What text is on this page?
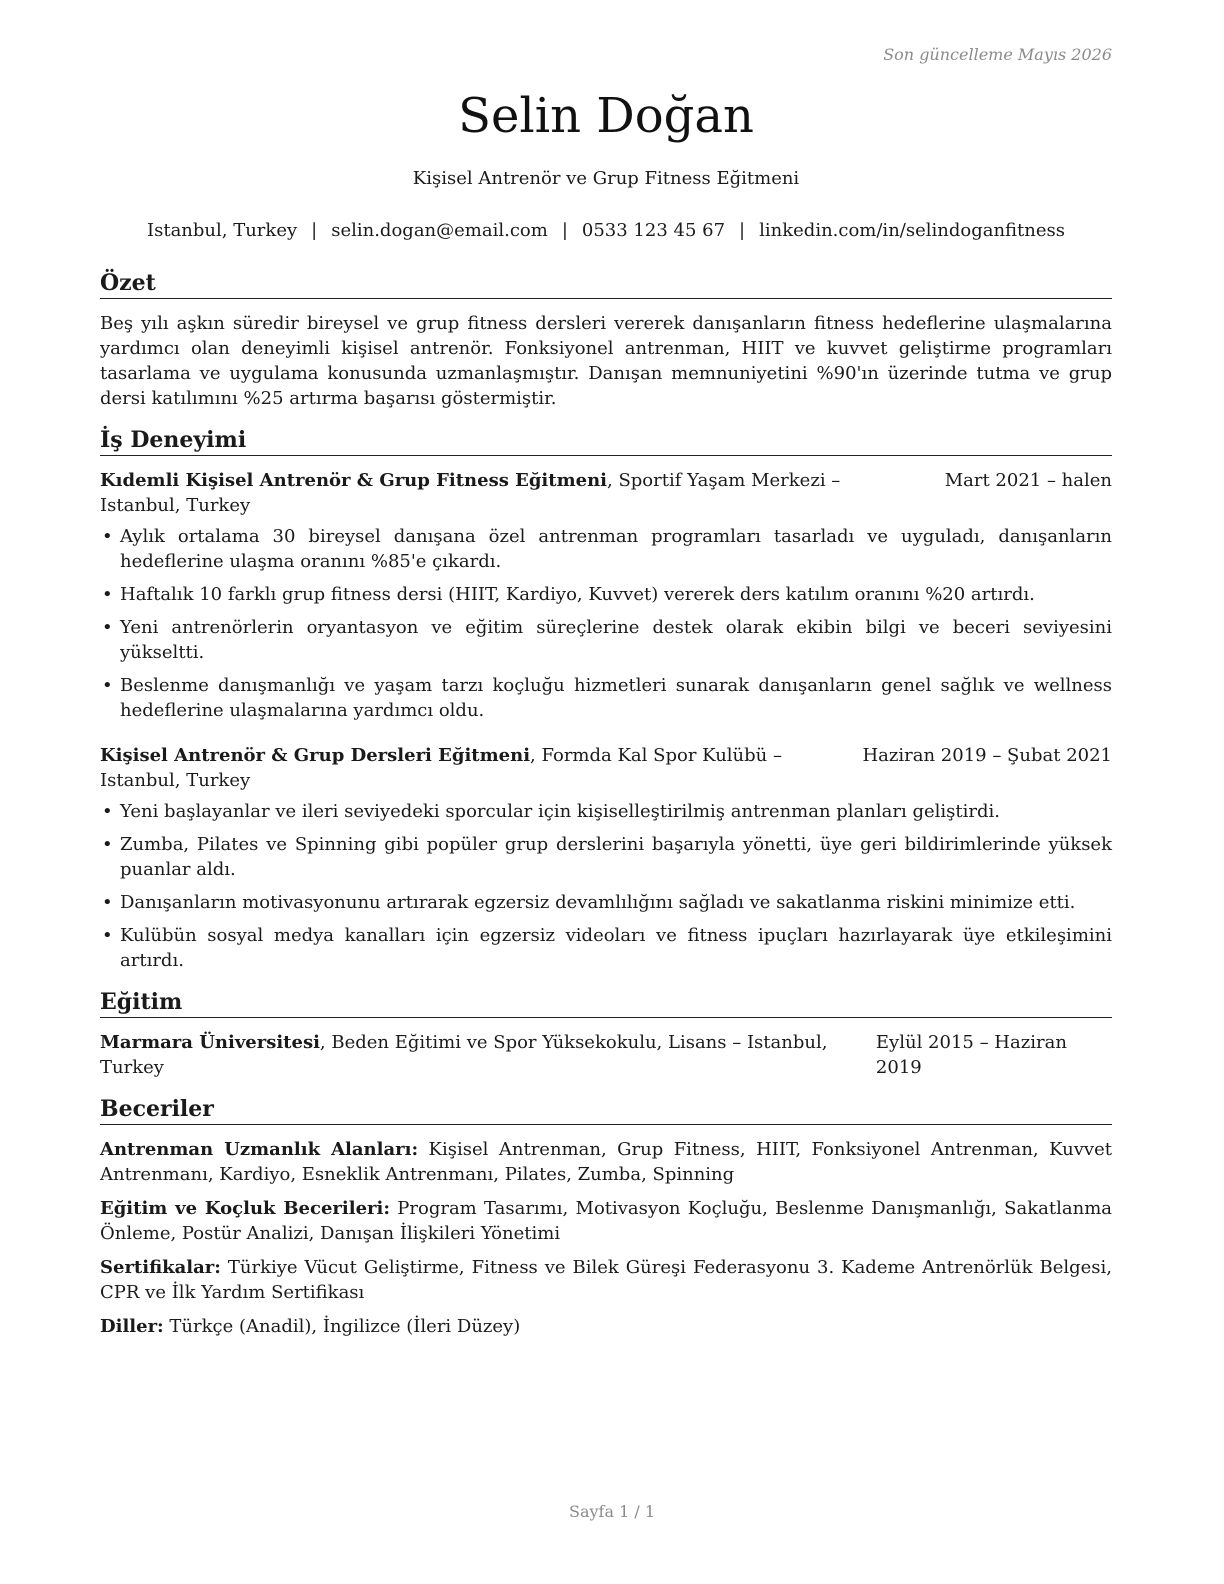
Son güncelleme Mayıs 2026
Selin Doğan
Kişisel Antrenör ve Grup Fitness Eğitmeni
Istanbul, Turkey | selin.dogan@email.com | 0533 123 45 67 | linkedin.com/in/selindoganfitness
Özet

Beş yılı aşkın süredir bireysel ve grup fitness dersleri vererek danışanların fitness hedeflerine ulaşmalarına yardımcı olan deneyimli kişisel antrenör. Fonksiyonel antrenman, HIIT ve kuvvet geliştirme programları tasarlama ve uygulama konusunda uzmanlaşmıştır. Danışan memnuniyetini %90'ın üzerinde tutma ve grup dersi katılımını %25 artırma başarısı göstermiştir.

İş Deneyimi
Kıdemli Kişisel Antrenör & Grup Fitness Eğitmeni, Sportif Yaşam Merkezi – Istanbul, Turkey
Mart 2021 – halen
• Aylık ortalama 30 bireysel danışana özel antrenman programları tasarladı ve uyguladı, danışanların hedeflerine ulaşma oranını %85'e çıkardı.
• Haftalık 10 farklı grup fitness dersi (HIIT, Kardiyo, Kuvvet) vererek ders katılım oranını %20 artırdı.
• Yeni antrenörlerin oryantasyon ve eğitim süreçlerine destek olarak ekibin bilgi ve beceri seviyesini yükseltti.
• Beslenme danışmanlığı ve yaşam tarzı koçluğu hizmetleri sunarak danışanların genel sağlık ve wellness hedeflerine ulaşmalarına yardımcı oldu.
Kişisel Antrenör & Grup Dersleri Eğitmeni, Formda Kal Spor Kulübü – Istanbul, Turkey
Haziran 2019 – Şubat 2021
• Yeni başlayanlar ve ileri seviyedeki sporcular için kişiselleştirilmiş antrenman planları geliştirdi.
• Zumba, Pilates ve Spinning gibi popüler grup derslerini başarıyla yönetti, üye geri bildirimlerinde yüksek puanlar aldı.
• Danışanların motivasyonunu artırarak egzersiz devamlılığını sağladı ve sakatlanma riskini minimize etti.
• Kulübün sosyal medya kanalları için egzersiz videoları ve fitness ipuçları hazırlayarak üye etkileşimini artırdı.
Eğitim
Marmara Üniversitesi, Beden Eğitimi ve Spor Yüksekokulu, Lisans – Istanbul, Turkey
Eylül 2015 – Haziran 2019
Beceriler

Antrenman Uzmanlık Alanları: Kişisel Antrenman, Grup Fitness, HIIT, Fonksiyonel Antrenman, Kuvvet Antrenmanı, Kardiyo, Esneklik Antrenmanı, Pilates, Zumba, Spinning

Eğitim ve Koçluk Becerileri: Program Tasarımı, Motivasyon Koçluğu, Beslenme Danışmanlığı, Sakatlanma Önleme, Postür Analizi, Danışan İlişkileri Yönetimi

Sertifikalar: Türkiye Vücut Geliştirme, Fitness ve Bilek Güreşi Federasyonu 3. Kademe Antrenörlük Belgesi, CPR ve İlk Yardım Sertifikası

Diller: Türkçe (Anadil), İngilizce (İleri Düzey)

Sayfa 1 / 1
